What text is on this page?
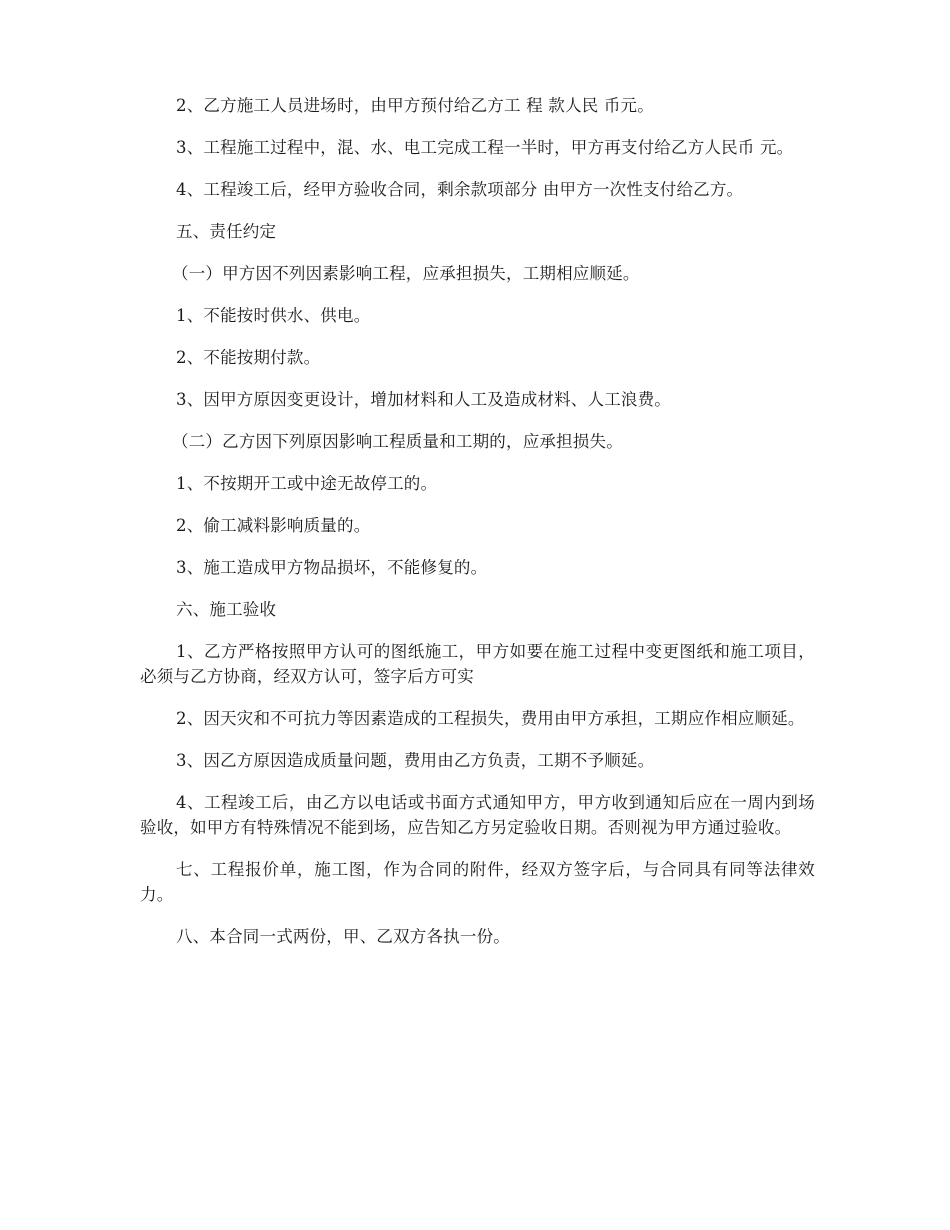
2、乙方施工人员进场时，由甲方预付给乙方工 程 款人民 币元。

3、工程施工过程中，混、水、电工完成工程一半时，甲方再支付给乙方人民币 元。

4、工程竣工后，经甲方验收合同，剩余款项部分 由甲方一次性支付给乙方。

五、责任约定

（一）甲方因不列因素影响工程，应承担损失，工期相应顺延。

1、不能按时供水、供电。

2、不能按期付款。

3、因甲方原因变更设计，增加材料和人工及造成材料、人工浪费。

（二）乙方因下列原因影响工程质量和工期的，应承担损失。

1、不按期开工或中途无故停工的。

2、偷工减料影响质量的。

3、施工造成甲方物品损坏，不能修复的。

六、施工验收

1、乙方严格按照甲方认可的图纸施工，甲方如要在施工过程中变更图纸和施工项目，必须与乙方协商，经双方认可，签字后方可实

2、因天灾和不可抗力等因素造成的工程损失，费用由甲方承担，工期应作相应顺延。

3、因乙方原因造成质量问题，费用由乙方负责，工期不予顺延。

4、工程竣工后，由乙方以电话或书面方式通知甲方，甲方收到通知后应在一周内到场验收，如甲方有特殊情况不能到场，应告知乙方另定验收日期。否则视为甲方通过验收。

七、工程报价单，施工图，作为合同的附件，经双方签字后，与合同具有同等法律效力。

八、本合同一式两份，甲、乙双方各执一份。
